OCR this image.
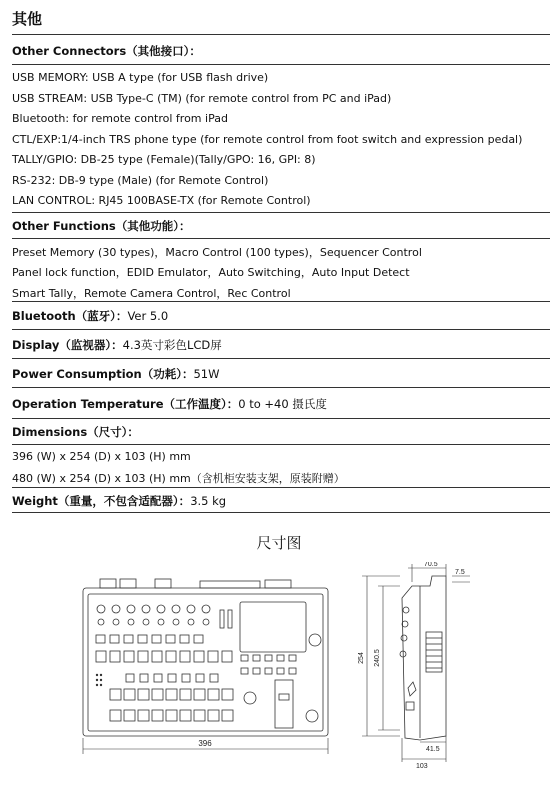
其他
Other Connectors（其他接口）：
USB MEMORY: USB A type (for USB flash drive)
USB STREAM: USB Type-C (TM) (for remote control from PC and iPad)
Bluetooth: for remote control from iPad
CTL/EXP:1/4-inch TRS phone type (for remote control from foot switch and expression pedal)
TALLY/GPIO: DB-25 type (Female)(Tally/GPO: 16, GPI: 8)
RS-232: DB-9 type (Male) (for Remote Control)
LAN CONTROL: RJ45 100BASE-TX (for Remote Control)
Other Functions（其他功能）：
Preset Memory (30 types)，Macro Control (100 types)，Sequencer Control
Panel lock function，EDID Emulator，Auto Switching，Auto Input Detect
Smart Tally，Remote Camera Control，Rec Control
Bluetooth（蓝牙）：Ver 5.0
Display（监视器）：4.3英寸彩色LCD屏
Power Consumption（功耗）：51W
Operation Temperature（工作温度）：0 to +40 摄氏度
Dimensions（尺寸）：
396 (W) x 254 (D) x 103 (H) mm
480 (W) x 254 (D) x 103 (H) mm（含机柜安装支架，原装附赠）
Weight（重量，不包含适配器）：3.5 kg
尺寸图
396
254 240.5
70.5
7.5
41.5
103
